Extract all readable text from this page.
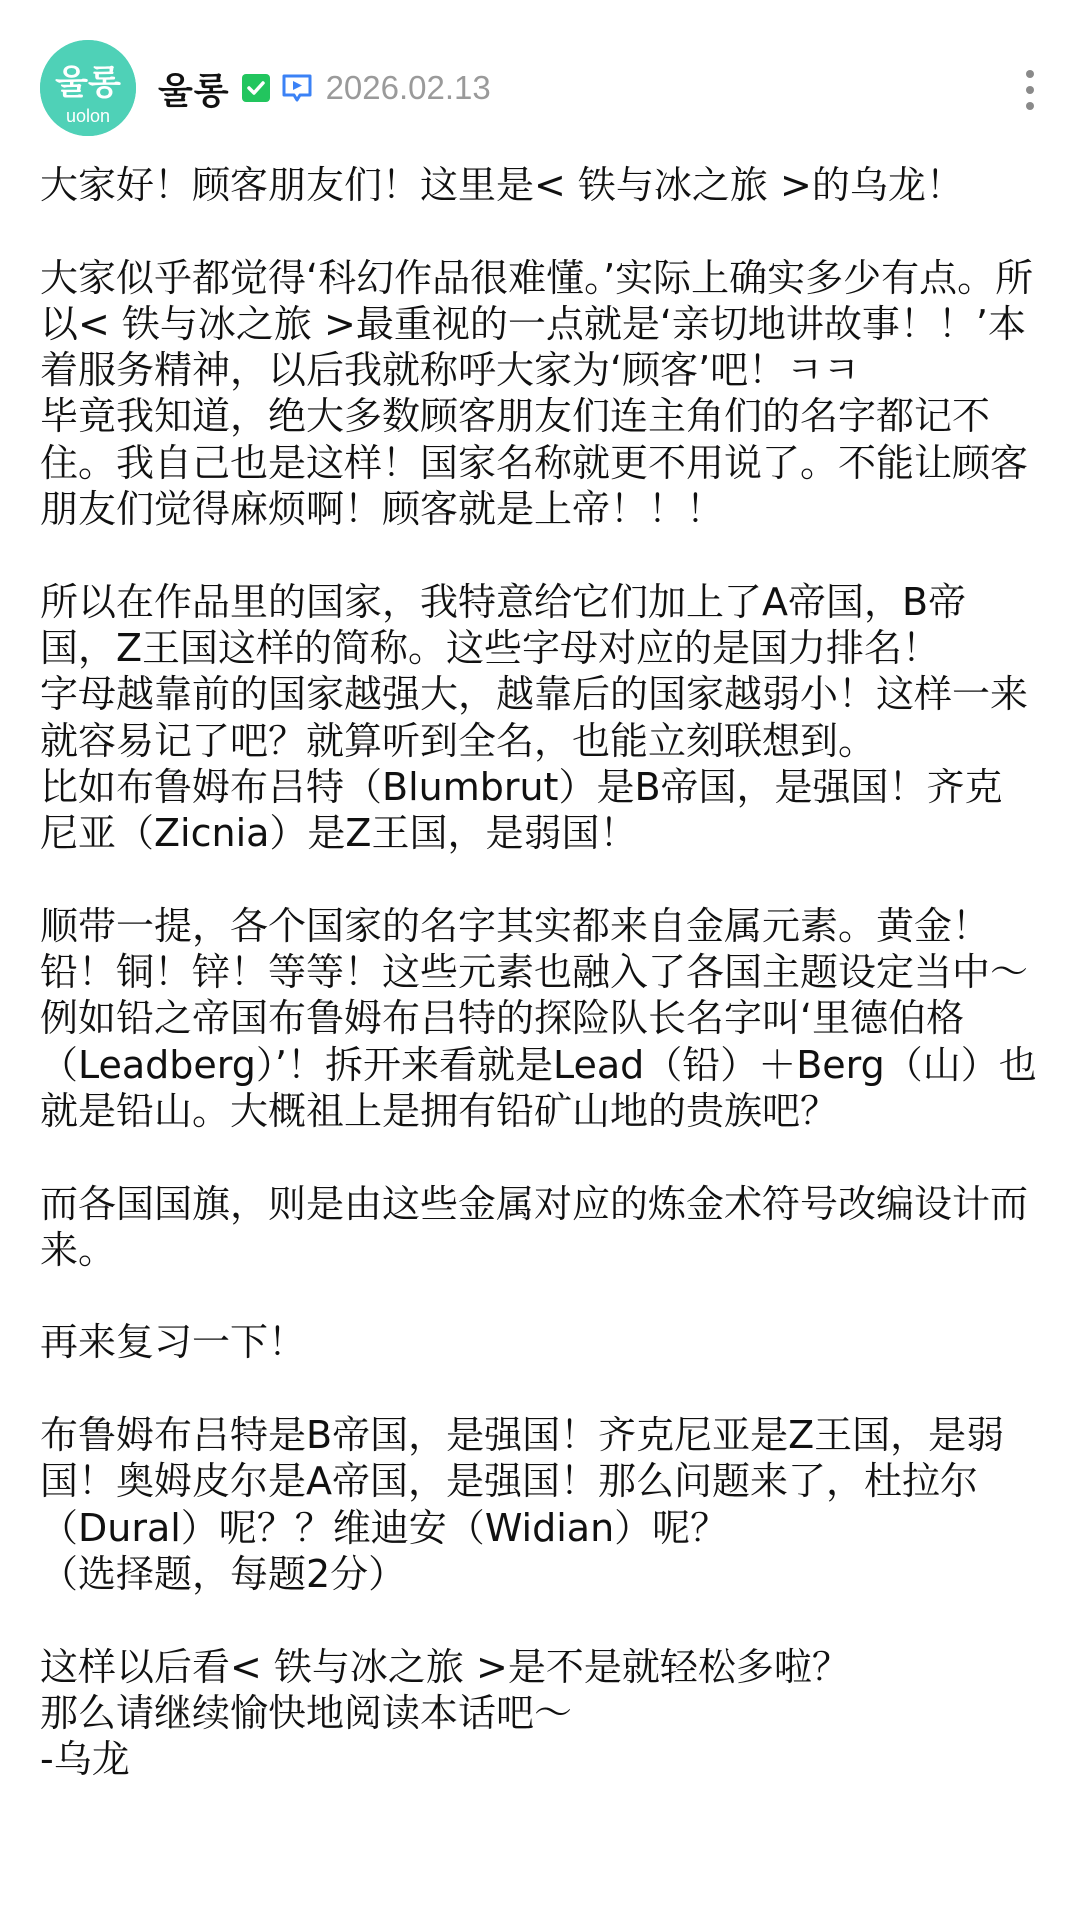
울롱
uolon
울롱	2026.02.13

大家好！顾客朋友们！这里是< 铁与冰之旅 >的乌龙！

大家似乎都觉得‘科幻作品很难懂。’实际上确实多少有点。所以< 铁与冰之旅 >最重视的一点就是‘亲切地讲故事！！’本着服务精神，以后我就称呼大家为‘顾客’吧！ㅋㅋ
毕竟我知道，绝大多数顾客朋友们连主角们的名字都记不住。我自己也是这样！国家名称就更不用说了。不能让顾客朋友们觉得麻烦啊！顾客就是上帝！！！

所以在作品里的国家，我特意给它们加上了A帝国，B帝国，Z王国这样的简称。这些字母对应的是国力排名！
字母越靠前的国家越强大，越靠后的国家越弱小！这样一来就容易记了吧？就算听到全名，也能立刻联想到。
比如布鲁姆布吕特（Blumbrut）是B帝国，是强国！齐克尼亚（Zicnia）是Z王国，是弱国！

顺带一提，各个国家的名字其实都来自金属元素。黄金！铅！铜！锌！等等！这些元素也融入了各国主题设定当中～例如铅之帝国布鲁姆布吕特的探险队长名字叫‘里德伯格（Leadberg）’！拆开来看就是Lead（铅）＋Berg（山）也就是铅山。大概祖上是拥有铅矿山地的贵族吧？

而各国国旗，则是由这些金属对应的炼金术符号改编设计而来。

再来复习一下！

布鲁姆布吕特是B帝国，是强国！齐克尼亚是Z王国，是弱国！奥姆皮尔是A帝国，是强国！那么问题来了，杜拉尔（Dural）呢？？维迪安（Widian）呢？
（选择题，每题2分）

这样以后看< 铁与冰之旅 >是不是就轻松多啦？
那么请继续愉快地阅读本话吧～
-乌龙
